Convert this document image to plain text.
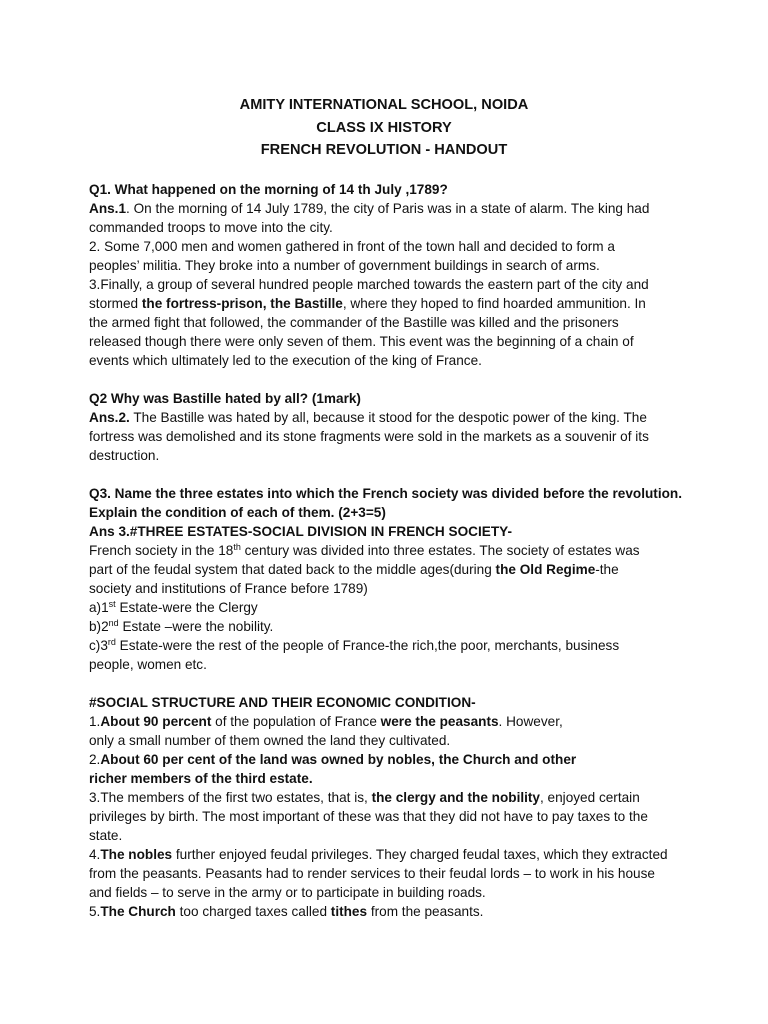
AMITY INTERNATIONAL SCHOOL, NOIDA
CLASS IX HISTORY
FRENCH REVOLUTION - HANDOUT

Q1. What happened on the morning of 14 th July ,1789?

Ans.1. On the morning of 14 July 1789, the city of Paris was in a state of alarm. The king had

commanded troops to move into the city.

2. Some 7,000 men and women gathered in front of the town hall and decided to form a

peoples’ militia. They broke into a number of government buildings in search of arms.

3.Finally, a group of several hundred people marched towards the eastern part of the city and

stormed the fortress-prison, the Bastille, where they hoped to find hoarded ammunition. In

the armed fight that followed, the commander of the Bastille was killed and the prisoners

released though there were only seven of them. This event was the beginning of a chain of

events which ultimately led to the execution of the king of France.

Q2 Why was Bastille hated by all? (1mark)

Ans.2. The Bastille was hated by all, because it stood for the despotic power of the king. The

fortress was demolished and its stone fragments were sold in the markets as a souvenir of its

destruction.

Q3. Name the three estates into which the French society was divided before the revolution.

Explain the condition of each of them. (2+3=5)

Ans 3.#THREE ESTATES-SOCIAL DIVISION IN FRENCH SOCIETY-

French society in the 18th century was divided into three estates. The society of estates was

part of the feudal system that dated back to the middle ages(during the Old Regime-the

society and institutions of France before 1789)

a)1st Estate-were the Clergy

b)2nd Estate –were the nobility.

c)3rd Estate-were the rest of the people of France-the rich,the poor, merchants, business

people, women etc.

#SOCIAL STRUCTURE AND THEIR ECONOMIC CONDITION-

1.About 90 percent of the population of France were the peasants. However,

only a small number of them owned the land they cultivated.

2.About 60 per cent of the land was owned by nobles, the Church and other

richer members of the third estate.

3.The members of the first two estates, that is, the clergy and the nobility, enjoyed certain

privileges by birth. The most important of these was that they did not have to pay taxes to the

state.

4.The nobles further enjoyed feudal privileges. They charged feudal taxes, which they extracted

from the peasants. Peasants had to render services to their feudal lords – to work in his house

and fields – to serve in the army or to participate in building roads.

5.The Church too charged taxes called tithes from the peasants.
